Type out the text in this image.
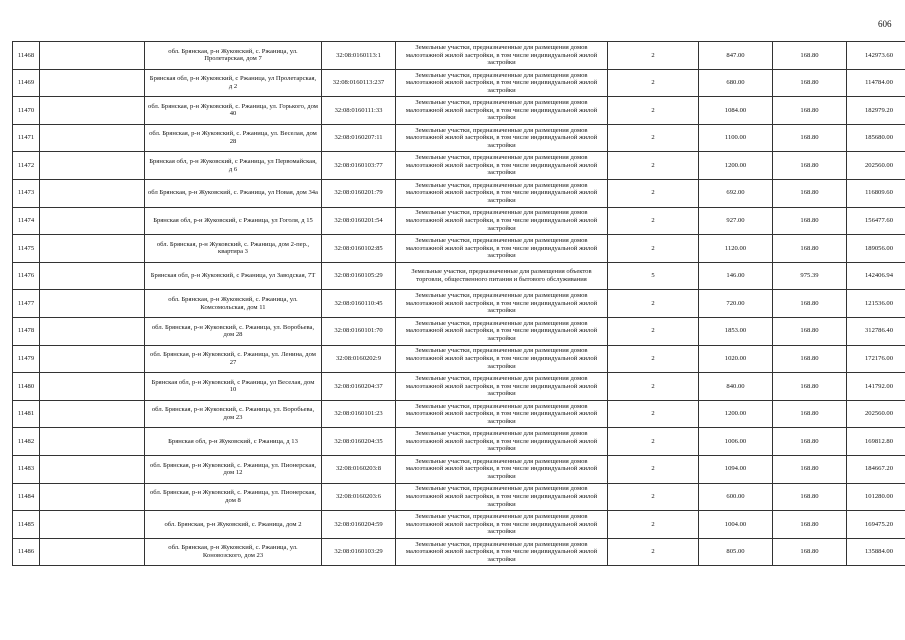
606
11468		обл. Брянская, р-н Жуковский, с. Ржаница, ул. Пролетарская, дом 7	32:08:0160113:1	Земельные участки, предназначенные для размещения домов малоэтажной жилой застройки, в том числе индивидуальной жилой застройки	2	847.00	168.80	142973.60
11469		Брянская обл, р-н Жуковский, с Ржаница, ул Пролетарская, д 2	32:08:0160113:237	Земельные участки, предназначенные для размещения домов малоэтажной жилой застройки, в том числе индивидуальной жилой застройки	2	680.00	168.80	114784.00
11470		обл. Брянская, р-н Жуковский, с. Ржаница, ул. Горького, дом 40	32:08:0160111:33	Земельные участки, предназначенные для размещения домов малоэтажной жилой застройки, в том числе индивидуальной жилой застройки	2	1084.00	168.80	182979.20
11471		обл. Брянская, р-н Жуковский, с. Ржаница, ул. Веселая, дом 28	32:08:0160207:11	Земельные участки, предназначенные для размещения домов малоэтажной жилой застройки, в том числе индивидуальной жилой застройки	2	1100.00	168.80	185680.00
11472		Брянская обл, р-н Жуковский, с Ржаница, ул Первомайская, д 6	32:08:0160103:77	Земельные участки, предназначенные для размещения домов малоэтажной жилой застройки, в том числе индивидуальной жилой застройки	2	1200.00	168.80	202560.00
11473		обл Брянская, р-н Жуковский, с. Ржаница, ул Новая, дом 34а	32:08:0160201:79	Земельные участки, предназначенные для размещения домов малоэтажной жилой застройки, в том числе индивидуальной жилой застройки	2	692.00	168.80	116809.60
11474		Брянская обл, р-н Жуковский, с Ржаница, ул Гоголя, д 15	32:08:0160201:54	Земельные участки, предназначенные для размещения домов малоэтажной жилой застройки, в том числе индивидуальной жилой застройки	2	927.00	168.80	156477.60
11475		обл. Брянская, р-н Жуковский, с. Ржаница, дом 2-пер., квартира 3	32:08:0160102:85	Земельные участки, предназначенные для размещения домов малоэтажной жилой застройки, в том числе индивидуальной жилой застройки	2	1120.00	168.80	189056.00
11476		Брянская обл, р-н Жуковский, с Ржаница, ул Заводская, 7Т	32:08:0160105:29	Земельные участки, предназначенные для размещения объектов торговли, общественного питания и бытового обслуживания	5	146.00	975.39	142406.94
11477		обл. Брянская, р-н Жуковский, с. Ржаница, ул. Комсомольская, дом 11	32:08:0160110:45	Земельные участки, предназначенные для размещения домов малоэтажной жилой застройки, в том числе индивидуальной жилой застройки	2	720.00	168.80	121536.00
11478		обл. Брянская, р-н Жуковский, с. Ржаница, ул. Воробьева, дом 28	32:08:0160101:70	Земельные участки, предназначенные для размещения домов малоэтажной жилой застройки, в том числе индивидуальной жилой застройки	2	1853.00	168.80	312786.40
11479		обл. Брянская, р-н Жуковский, с. Ржаница, ул. Ленина, дом 27	32:08:0160202:9	Земельные участки, предназначенные для размещения домов малоэтажной жилой застройки, в том числе индивидуальной жилой застройки	2	1020.00	168.80	172176.00
11480		Брянская обл, р-н Жуковский, с Ржаница, ул Веселая, дом 10	32:08:0160204:37	Земельные участки, предназначенные для размещения домов малоэтажной жилой застройки, в том числе индивидуальной жилой застройки	2	840.00	168.80	141792.00
11481		обл. Брянская, р-н Жуковский, с. Ржаница, ул. Воробьева, дом 23	32:08:0160101:23	Земельные участки, предназначенные для размещения домов малоэтажной жилой застройки, в том числе индивидуальной жилой застройки	2	1200.00	168.80	202560.00
11482		Брянская обл, р-н Жуковский, с Ржаница, д 13	32:08:0160204:35	Земельные участки, предназначенные для размещения домов малоэтажной жилой застройки, в том числе индивидуальной жилой застройки	2	1006.00	168.80	169812.80
11483		обл. Брянская, р-н Жуковский, с. Ржаница, ул. Пионерская, дом 12	32:08:0160203:8	Земельные участки, предназначенные для размещения домов малоэтажной жилой застройки, в том числе индивидуальной жилой застройки	2	1094.00	168.80	184667.20
11484		обл. Брянская, р-н Жуковский, с. Ржаница, ул. Пионерская, дом 8	32:08:0160203:6	Земельные участки, предназначенные для размещения домов малоэтажной жилой застройки, в том числе индивидуальной жилой застройки	2	600.00	168.80	101280.00
11485		обл. Брянская, р-н Жуковский, с. Ржаница, дом 2	32:08:0160204:59	Земельные участки, предназначенные для размещения домов малоэтажной жилой застройки, в том числе индивидуальной жилой застройки	2	1004.00	168.80	169475.20
11486		обл. Брянская, р-н Жуковский, с. Ржаница, ул. Коновозского, дом 23	32:08:0160103:29	Земельные участки, предназначенные для размещения домов малоэтажной жилой застройки, в том числе индивидуальной жилой застройки	2	805.00	168.80	135884.00
